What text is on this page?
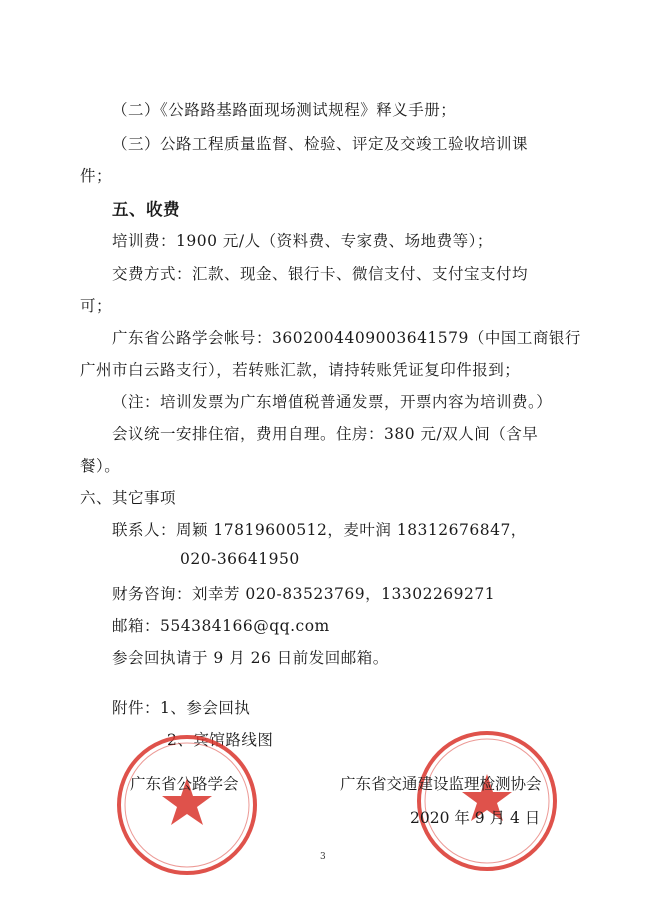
（二）《公路路基路面现场测试规程》释义手册；
（三）公路工程质量监督、检验、评定及交竣工验收培训课
件；
五、收费
培训费：1900 元/人（资料费、专家费、场地费等）；
交费方式：汇款、现金、银行卡、微信支付、支付宝支付均
可；
广东省公路学会帐号：3602004409003641579（中国工商银行
广州市白云路支行），若转账汇款，请持转账凭证复印件报到；
（注：培训发票为广东增值税普通发票，开票内容为培训费。）
会议统一安排住宿，费用自理。住房：380 元/双人间（含早
餐）。
六、其它事项
联系人：周颖 17819600512，麦叶润 18312676847，
020-36641950
财务咨询：刘幸芳 020-83523769，13302269271
邮箱：554384166@qq.com
参会回执请于 9 月 26 日前发回邮箱。
附件：1、参会回执
2、宾馆路线图
广东省公路学会	广东省交通建设监理检测协会
2020 年 9 月 4 日
3
